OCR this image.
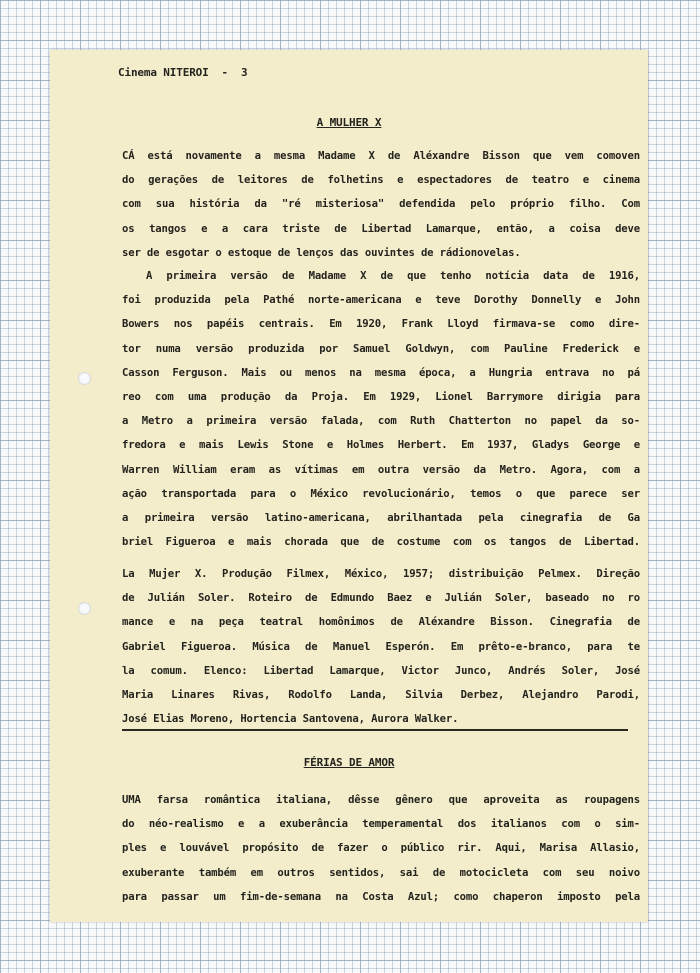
Cinema NITEROI  -  3
A MULHER X
CÁ está novamente a mesma Madame X de Aléxandre Bisson que vem comoven
do gerações de leitores de folhetins e espectadores de teatro e cinema
com sua história da "ré misteriosa" defendida pelo próprio filho. Com
os tangos e a cara triste de Libertad Lamarque, então, a coisa deve
ser de esgotar o estoque de lenços das ouvintes de rádionovelas.
A primeira versão de Madame X de que tenho notícia data de 1916,
foi produzida pela Pathé norte-americana e teve Dorothy Donnelly e John
Bowers nos papéis centrais. Em 1920, Frank Lloyd firmava-se como dire-
tor numa versão produzida por Samuel Goldwyn, com Pauline Frederick e
Casson Ferguson. Mais ou menos na mesma época, a Hungria entrava no pá
reo com uma produção da Proja. Em 1929, Lionel Barrymore dirigia para
a Metro a primeira versão falada, com Ruth Chatterton no papel da so-
fredora e mais Lewis Stone e Holmes Herbert. Em 1937, Gladys George e
Warren William eram as vítimas em outra versão da Metro. Agora, com a
ação transportada para o México revolucionário, temos o que parece ser
a primeira versão latino-americana, abrilhantada pela cinegrafia de Ga
briel Figueroa e mais chorada que de costume com os tangos de Libertad.
La Mujer X. Produção Filmex, México, 1957; distribuição Pelmex. Direção
de Julián Soler. Roteiro de Edmundo Baez e Julián Soler, baseado no ro
mance e na peça teatral homônimos de Aléxandre Bisson. Cinegrafia de
Gabriel Figueroa. Música de Manuel Esperón. Em prêto-e-branco, para te
la comum. Elenco: Libertad Lamarque, Victor Junco, Andrés Soler, José
Maria Linares Rivas, Rodolfo Landa, Silvia Derbez, Alejandro Parodi,
José Elias Moreno, Hortencia Santovena, Aurora Walker.
FÉRIAS DE AMOR
UMA farsa romântica italiana, dêsse gênero que aproveita as roupagens
do néo-realismo e a exuberância temperamental dos italianos com o sim-
ples e louvável propósito de fazer o público rir. Aqui, Marisa Allasio,
exuberante também em outros sentidos, sai de motocicleta com seu noivo
para passar um fim-de-semana na Costa Azul; como chaperon imposto pela
